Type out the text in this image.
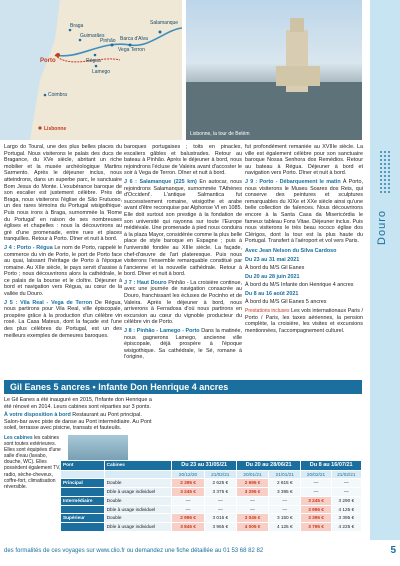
Salamanque
Vega Terron
Barca d'Alva
Pinhão
Porto
Lamego
Régua
Braga
Guimarães
Coimbra
Lisbonne
Lisbonne, la tour de Belém
Douro

Largo do Toural, une des plus belles places du Portugal. Nous visiterons le palais des ducs de Bragance, du XVe siècle, abritant un riche mobilier et la musée archéologique Martins Sarmento. Après le déjeuner inclus, nous atteindrons, dans un superbe parc, le sanctuaire Bom Jesus do Monte. L'exubérance baroque de son escalier est justement célèbre. Près de Braga, nous visiterons l'église de São Frutuoso, un des rares témoins du Portugal wisigothique. Puis nous irons à Braga, surnommée la 'Rome du Portugal' en raison de ses nombreuses églises et chapelles : nous la découvrirons au gré d'une promenade, entre rues et places tranquilles. Retour à Porto. Dîner et nuit à bord.

J 4 : Porto - Régua Le nom de Porto, rappelé le commerce du vin de Porto, le port de Porto face au quai, laissant l'héritage de Porto à l'époque romaine. Au XIIe siècle, le pays servit d'assise à Porto ; nous découvrirons alors la cathédrale, le ce palais de la bourse et le cloître. Déjeuner à bord et navigation vers Régua, au cœur de la vallée du Douro.

J 5 : Vila Real - Vega de Terron De Régua, nous partirons pour Vila Real, ville épiscopale, prospère grâce à la production d'un célèbre vin rosé. La Casa Mateus, dont la façade est l'une des plus célèbres du Portugal, est un des meilleurs exemples de demeures baroques.

baroques portugaises ; toits en pinacles, escaliers gâbles et balustrades. Retour au bateau à Pinhão. Après le déjeuner à bord, nous rejoindrons l'écluse de Valeira avant d'accoster le soir à Vega de Terron. Dîner et nuit à bord.

J 6 : Salamanque (225 km) En autocar, nous rejoindrons Salamanque, surnommée 'l'Athènes d'Occident'. L'antique Salmantica fut successivement romaine, wisigothe et arabe avant d'être reconquise par Alphonse VI en 1085. Elle doit surtout son prestige à la fondation de son université qui rayonna sur toute l'Europe médiévale. Une promenade à pied nous conduira à la plaza Mayor, considérée comme la plus belle place de style baroque en Espagne ; puis à l'université fondée au XIIIe siècle. La façade, chef-d'œuvre de l'art plateresque. Puis nous visiterons l'ensemble remarquable constitué par l'ancienne et la nouvelle cathédrale. Retour à bord. Dîner et nuit à bord.

J 7 : Haut Douro Pinhão - La croisière continue, avec une journée de navigation consacrée au Douro, franchissant les écluses de Pocinho et de Valeira. Après le déjeuner à bord, nous arriverons à Ferradosa d'où nous partirons en excursion au cœur du vignoble producteur du célèbre vin de Porto.

J 8 : Pinhão - Lamego - Porto Dans la matinée, nous gagnerons Lamego, ancienne ville épiscopale, déjà prospère à l'époque wisigothique. Sa cathédrale, le Sé, romane à l'origine,

fut profondément remaniée au XVIIIe siècle. La ville est également célèbre pour son sanctuaire baroque Nossa Senhora dos Remédios. Retour au bateau à Régua. Déjeuner à bord et navigation vers Porto. Dîner et nuit à bord.

J 9 : Porto - Débarquement le matin À Porto, nous visiterons le Museu Soares dos Reis, qui conserve des peintures et sculptures remarquables du XIXe et XXe siècle ainsi qu'une belle collection de faïences. Nous découvrirons encore à la Santa Casa da Misericórdia le fameux tableau Fons Vitae. Déjeuner inclus. Puis nous visiterons le très beau rococo église dos Clérigos, dont la tour est la plus haute du Portugal. Transfert à l'aéroport et vol vers Paris.

Avec Jean Nelson du Silva Cardoso

Du 23 au 31 mai 2021

À bord du M/S Gil Eanes

Du 20 au 28 juin 2021

À bord du M/S Infante don Henrique 4 ancres

Du 8 au 16 août 2021

À bord du M/S Gil Eanes 5 ancres

Prestations incluses Les vols internationaux Paris / Porto / Paris, les taxes aériennes, la pension complète, la croisière, les visites et excursions mentionnées, l'accompagnement culturel.

Gil Eanes 5 ancres • Infante Don Henrique 4 ancres

Le Gil Eanes a été inauguré en 2015, l'Infante don Henrique a été rénové en 2014. Leurs cabines sont réparties sur 3 ponts.

À votre disposition à bord Restaurant au Pont principal. Salon-bar avec piste de danse au Pont intermédiaire. Au Pont soleil, terrasse avec pisicne, transats et fauteuils.

Les cabines les cabines sont toutes extérieures. Elles sont équipées d'une salle d'eau (lavabo, douche, WC). Elles possèdent également TV, radio, sèche-cheveux, coffre-fort, climatisation réversible.

Pont	Cabines	Du 23 au 31/05/21		Du 20 au 28/06/21		Du 8 au 16/07/21	
		20/12/20	21/02/21	20/01/21	21/01/21	20/02/21	21/02/21
Principal	Double	2 395 €	2 625 €	2 695 €	2 815 €	—	—
	Dble à usage individuel	3 245 €	3 375 €	3 295 €	3 395 €	—	—
Intermédiaire	Double	—	—	—	—	3 245 €	3 290 €
	Dble à usage individuel	—	—	—	—	3 995 €	4 125 €
Supérieur	Double	2 995 €	3 015 €	3 045 €	3 150 €	3 395 €	3 395 €
	Dble à usage individuel	3 845 €	3 965 €	4 005 €	4 125 €	3 795 €	4 225 €
des formalités de ces voyages sur www.clio.fr ou demandez une fiche détaillée au 01 53 68 82 82	5
